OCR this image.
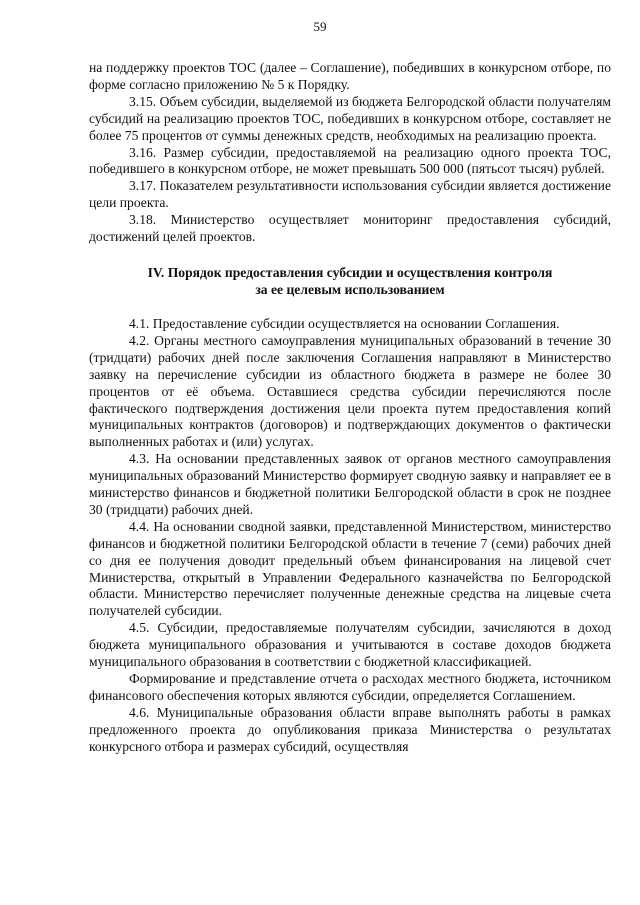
59

на поддержку проектов ТОС (далее – Соглашение), победивших в конкурсном отборе, по форме согласно приложению № 5 к Порядку.

3.15. Объем субсидии, выделяемой из бюджета Белгородской области получателям субсидий на реализацию проектов ТОС, победивших в конкурсном отборе, составляет не более 75 процентов от суммы денежных средств, необходимых на реализацию проекта.

3.16. Размер субсидии, предоставляемой на реализацию одного проекта ТОС, победившего в конкурсном отборе, не может превышать 500 000 (пятьсот тысяч) рублей.

3.17. Показателем результативности использования субсидии является достижение цели проекта.

3.18. Министерство осуществляет мониторинг предоставления субсидий, достижений целей проектов.

IV. Порядок предоставления субсидии и осуществления контроля

за ее целевым использованием

4.1. Предоставление субсидии осуществляется на основании Соглашения.

4.2. Органы местного самоуправления муниципальных образований в течение 30 (тридцати) рабочих дней после заключения Соглашения направляют в Министерство заявку на перечисление субсидии из областного бюджета в размере не более 30 процентов от её объема. Оставшиеся средства субсидии перечисляются после фактического подтверждения достижения цели проекта путем предоставления копий муниципальных контрактов (договоров) и подтверждающих документов о фактически выполненных работах и (или) услугах.

4.3. На основании представленных заявок от органов местного самоуправления муниципальных образований Министерство формирует сводную заявку и направляет ее в министерство финансов и бюджетной политики Белгородской области в срок не позднее 30 (тридцати) рабочих дней.

4.4. На основании сводной заявки, представленной Министерством, министерство финансов и бюджетной политики Белгородской области в течение 7 (семи) рабочих дней со дня ее получения доводит предельный объем финансирования на лицевой счет Министерства, открытый в Управлении Федерального казначейства по Белгородской области. Министерство перечисляет полученные денежные средства на лицевые счета получателей субсидии.

4.5. Субсидии, предоставляемые получателям субсидии, зачисляются в доход бюджета муниципального образования и учитываются в составе доходов бюджета муниципального образования в соответствии с бюджетной классификацией.

Формирование и представление отчета о расходах местного бюджета, источником финансового обеспечения которых являются субсидии, определяется Соглашением.

4.6. Муниципальные образования области вправе выполнять работы в рамках предложенного проекта до опубликования приказа Министерства о результатах конкурсного отбора и размерах субсидий, осуществляя
